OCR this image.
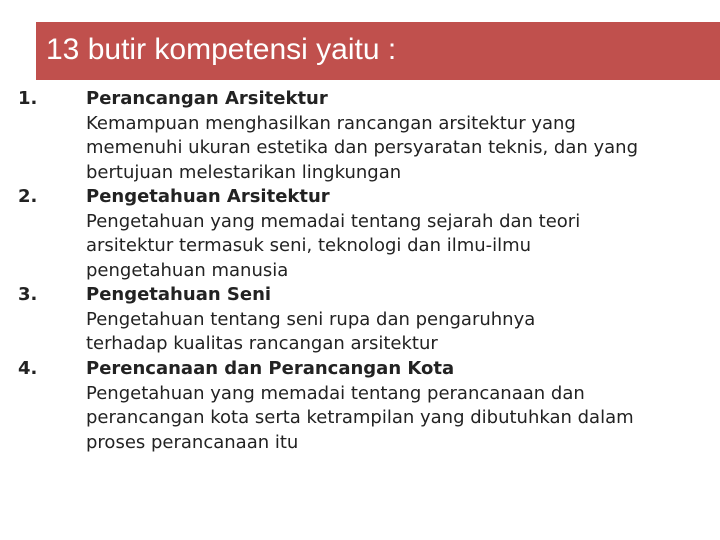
13 butir kompetensi yaitu :
1.	Perancangan Arsitektur
Kemampuan menghasilkan rancangan arsitektur yang memenuhi ukuran estetika dan persyaratan teknis, dan yang bertujuan melestarikan lingkungan
2.	Pengetahuan Arsitektur
Pengetahuan yang memadai tentang sejarah dan teori arsitektur termasuk seni, teknologi dan ilmu-ilmu pengetahuan manusia
3.	Pengetahuan Seni
Pengetahuan tentang seni rupa dan pengaruhnya terhadap kualitas rancangan arsitektur
4.	Perencanaan dan Perancangan Kota
Pengetahuan yang memadai tentang perancanaan dan perancangan kota serta ketrampilan yang dibutuhkan dalam proses perancanaan itu
